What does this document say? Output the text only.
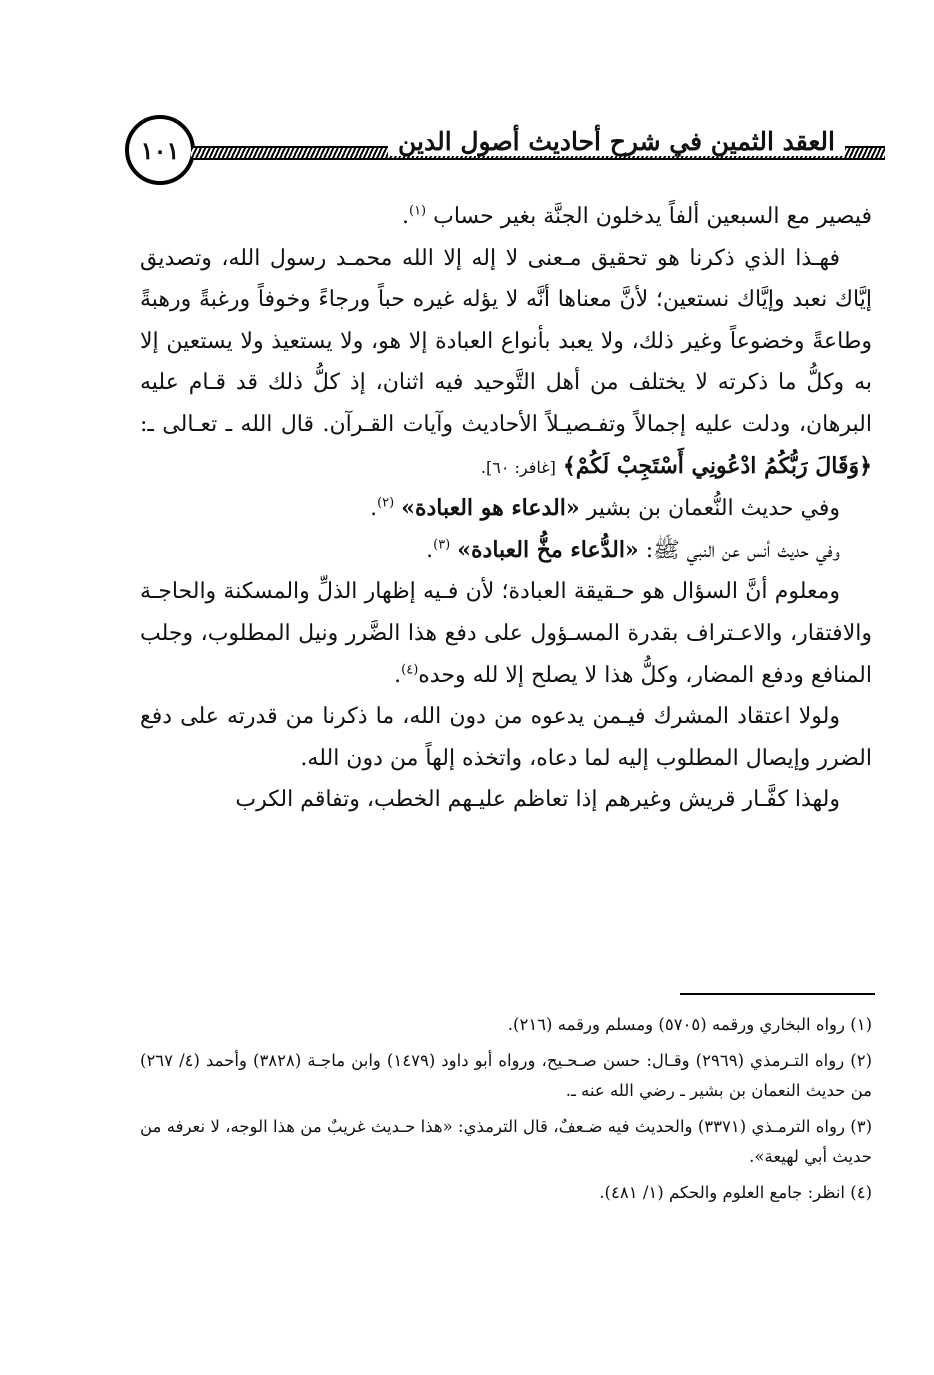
١٠١	العقد الثمين في شرح أحاديث أصول الدين

فيصير مع السبعين ألفاً يدخلون الجنَّة بغير حساب $^{(١)}$.

فهـذا الذي ذكرنا هو تحقيق مـعنى لا إله إلا الله محمـد رسول الله، وتصديق إيَّاك نعبد وإيَّاك نستعين؛ لأنَّ معناها أنَّه لا يؤله غيره حباً ورجاءً وخوفاً ورغبةً ورهبةً وطاعةً وخضوعاً وغير ذلك، ولا يعبد بأنواع العبادة إلا هو، ولا يستعيذ ولا يستعين إلا به وكلُّ ما ذكرته لا يختلف من أهل التَّوحيد فيه اثنان، إذ كلُّ ذلك قد قـام عليه البرهان، ودلت عليه إجمالاً وتفـصيـلاً الأحاديث وآيات القـرآن. قال الله ـ تعـالى ـ: ﴿وَقَالَ رَبُّكُمُ ادْعُونِي أَسْتَجِبْ لَكُمْ﴾ [غافر: ٦٠].

وفي حديث النُّعمان بن بشير «الدعاء هو العبادة» $^{(٢)}$.

وفي حديث أنس عن النبي ﷺ: «الدُّعاء مخُّ العبادة» $^{(٣)}$.

ومعلوم أنَّ السؤال هو حـقيقة العبادة؛ لأن فـيه إظهار الذلِّ والمسكنة والحاجـة والافتقار، والاعـتراف بقدرة المسـؤول على دفع هذا الضَّرر ونيل المطلوب، وجلب المنافع ودفع المضار، وكلُّ هذا لا يصلح إلا لله وحده$^{(٤)}$.

ولولا اعتقاد المشرك فيـمن يدعوه من دون الله، ما ذكرنا من قدرته على دفع الضرر وإيصال المطلوب إليه لما دعاه، واتخذه إلهاً من دون الله.

ولهذا كفَّـار قريش وغيرهم إذا تعاظم عليـهم الخطب، وتفاقم الكرب

(١) رواه البخاري ورقمه (٥٧٠٥) ومسلم ورقمه (٢١٦).

(٢) رواه التـرمذي (٢٩٦٩) وقـال: حسن صـحـيح، ورواه أبو داود (١٤٧٩) وابن ماجـة (٣٨٢٨) وأحمد (٤/ ٢٦٧) من حديث النعمان بن بشير ـ رضي الله عنه ـ.

(٣) رواه الترمـذي (٣٣٧١) والحديث فيه ضـعفٌ، قال الترمذي: «هذا حـديث غريبٌ من هذا الوجه، لا نعرفه من حديث أبي لهيعة».

(٤) انظر: جامع العلوم والحكم (١/ ٤٨١).
